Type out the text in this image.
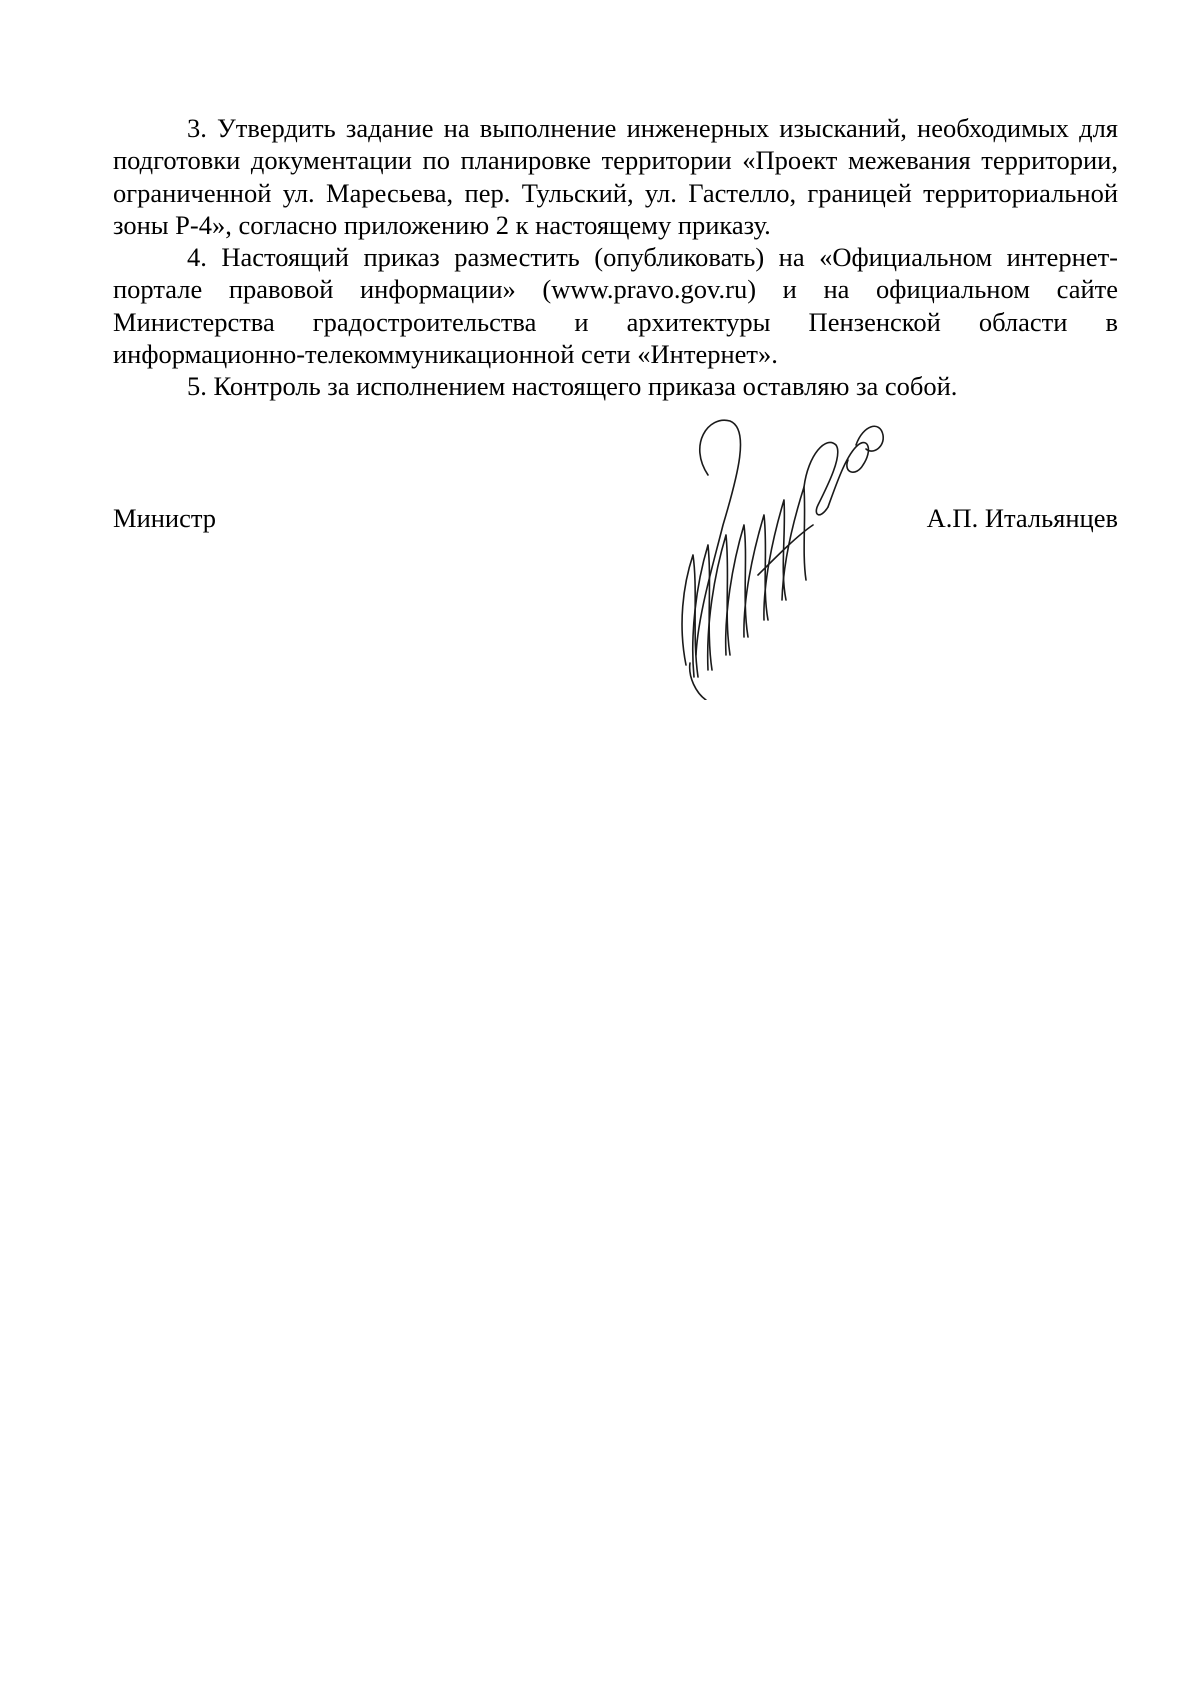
3. Утвердить задание на выполнение инженерных изысканий, необходимых для подготовки документации по планировке территории «Проект межевания территории, ограниченной ул. Маресьева, пер. Тульский, ул. Гастелло, границей территориальной зоны Р-4», согласно приложению 2 к настоящему приказу.

4. Настоящий приказ разместить (опубликовать) на «Официальном интернет-портале правовой информации» (www.pravo.gov.ru) и на официальном сайте Министерства градостроительства и архитектуры Пензенской области в информационно-телекоммуникационной сети «Интернет».

5. Контроль за исполнением настоящего приказа оставляю за собой.

Министр	А.П. Итальянцев
